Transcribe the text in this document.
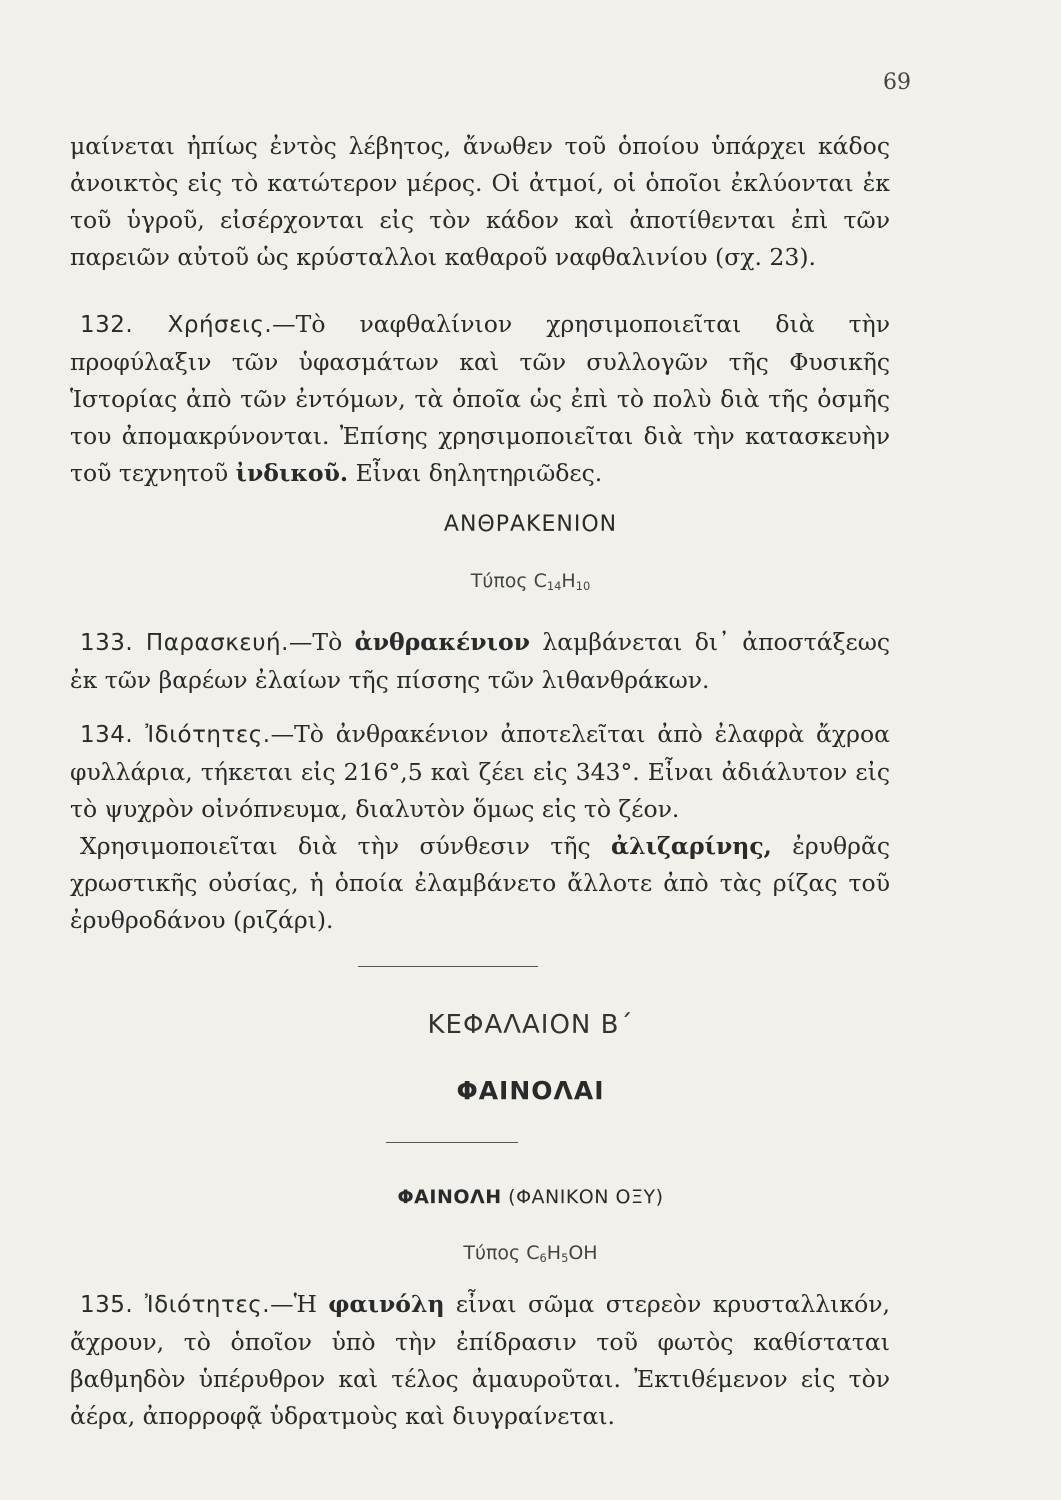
69

μαίνεται ἠπίως ἐντὸς λέβητος, ἄνωθεν τοῦ ὁποίου ὑπάρχει κάδος ἀνοικτὸς εἰς τὸ κατώτερον μέρος. Οἱ ἀτμοί, οἱ ὁποῖοι ἐκλύονται ἐκ τοῦ ὑγροῦ, εἰσέρχονται εἰς τὸν κάδον καὶ ἀποτίθενται ἐπὶ τῶν παρειῶν αὐτοῦ ὡς κρύσταλλοι καθαροῦ ναφθαλινίου (σχ. 23).

132. Χρήσεις.—Τὸ ναφθαλίνιον χρησιμοποιεῖται διὰ τὴν προφύλαξιν τῶν ὑφασμάτων καὶ τῶν συλλογῶν τῆς Φυσικῆς Ἱστορίας ἀπὸ τῶν ἐντόμων, τὰ ὁποῖα ὡς ἐπὶ τὸ πολὺ διὰ τῆς ὀσμῆς του ἀπομακρύνονται. Ἐπίσης χρησιμοποιεῖται διὰ τὴν κατασκευὴν τοῦ τεχνητοῦ ἰνδικοῦ. Εἶναι δηλητηριῶδες.

ΑΝΘΡΑΚΕΝΙΟΝ
Τύπος $C_{14}H_{10}$

133. Παρασκευή.—Τὸ ἀνθρακένιον λαμβάνεται δι᾽ ἀποστάξεως ἐκ τῶν βαρέων ἐλαίων τῆς πίσσης τῶν λιθανθράκων.

134. Ἰδιότητες.—Τὸ ἀνθρακένιον ἀποτελεῖται ἀπὸ ἐλαφρὰ ἄχροα φυλλάρια, τήκεται εἰς 216°,5 καὶ ζέει εἰς 343°. Εἶναι ἀδιάλυτον εἰς τὸ ψυχρὸν οἰνόπνευμα, διαλυτὸν ὅμως εἰς τὸ ζέον.

Χρησιμοποιεῖται διὰ τὴν σύνθεσιν τῆς ἀλιζαρίνης, ἐρυθρᾶς χρωστικῆς οὐσίας, ἡ ὁποία ἐλαμβάνετο ἄλλοτε ἀπὸ τὰς ρίζας τοῦ ἐρυθροδάνου (ριζάρι).

ΚΕΦΑΛΑΙΟΝ Β΄
ΦΑΙΝΟΛΑΙ
ΦΑΙΝΟΛΗ (ΦΑΝΙΚΟΝ ΟΞΥ)
Τύπος $C_6H_5OH$

135. Ἰδιότητες.—Ἡ φαινόλη εἶναι σῶμα στερεὸν κρυσταλλικόν, ἄχρουν, τὸ ὁποῖον ὑπὸ τὴν ἐπίδρασιν τοῦ φωτὸς καθίσταται βαθμηδὸν ὑπέρυθρον καὶ τέλος ἀμαυροῦται. Ἐκτιθέμενον εἰς τὸν ἀέρα, ἀπορροφᾷ ὑδρατμοὺς καὶ διυγραίνεται.
